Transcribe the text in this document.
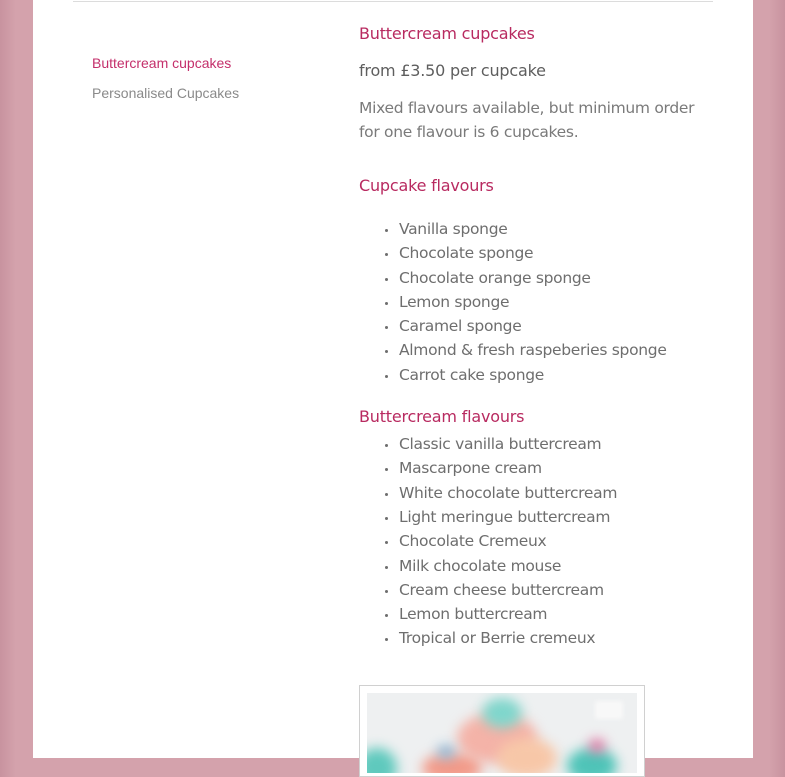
Buttercream cupcakes
Personalised Cupcakes
Buttercream cupcakes

from £3.50 per cupcake

Mixed flavours available, but minimum order for one flavour is 6 cupcakes.

Cupcake flavours
Vanilla sponge
Chocolate sponge
Chocolate orange sponge
Lemon sponge
Caramel sponge
Almond & fresh raspeberies sponge
Carrot cake sponge
Buttercream flavours
Classic vanilla buttercream
Mascarpone cream
White chocolate buttercream
Light meringue buttercream
Chocolate Cremeux
Milk chocolate mouse
Cream cheese buttercream
Lemon buttercream
Tropical or Berrie cremeux
